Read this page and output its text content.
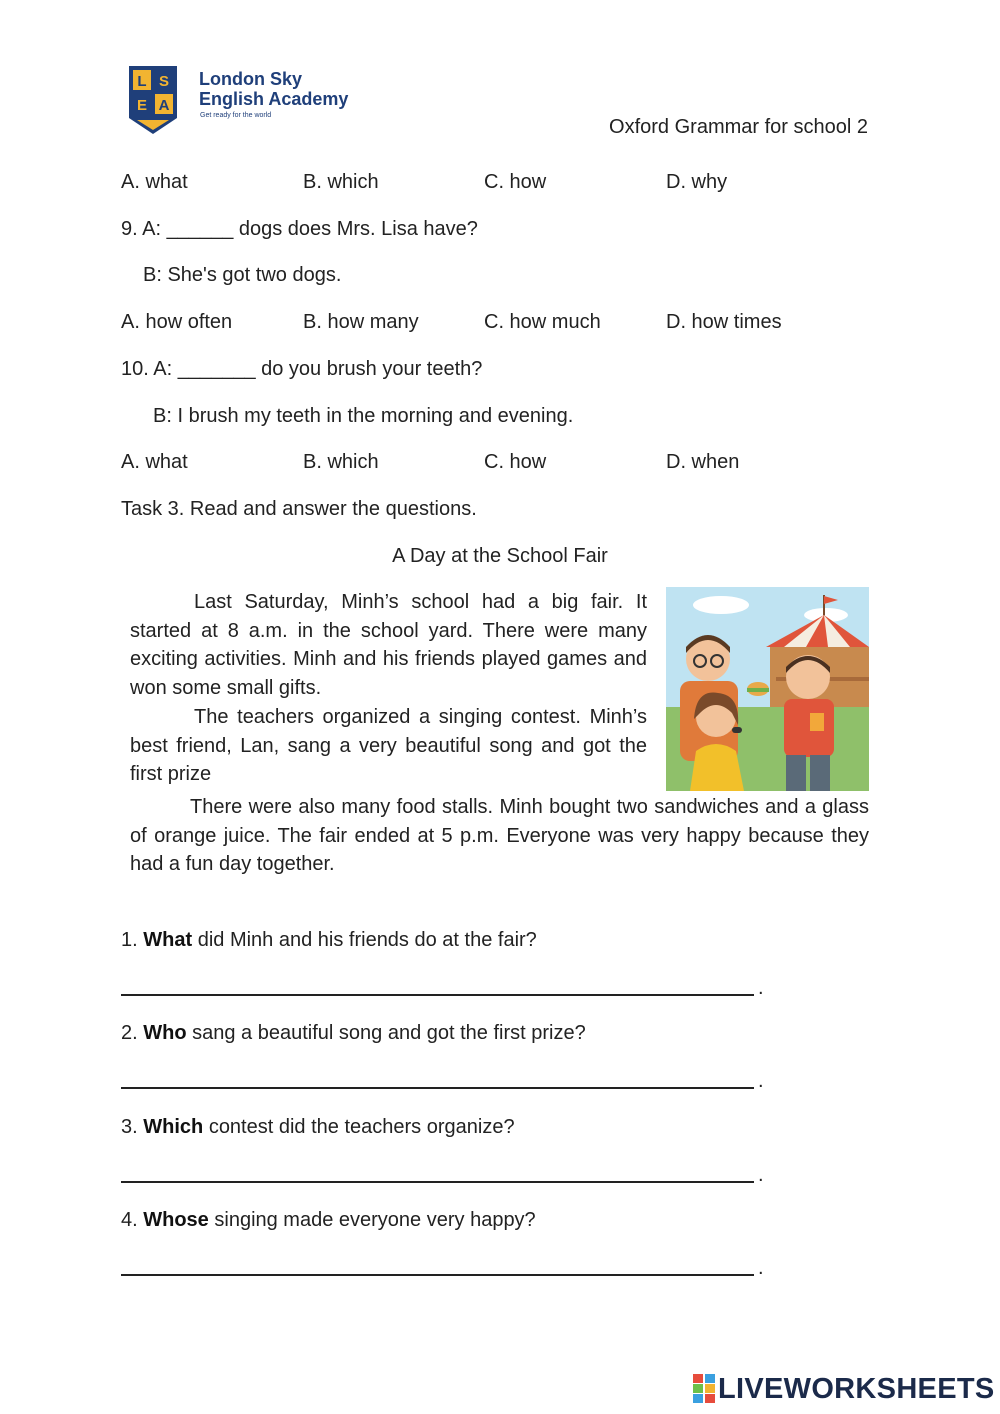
L S
E A
London Sky
English Academy
Get ready for the world
Oxford Grammar for school 2
A. what	B. which	C. how	D. why
9. A: ______ dogs does Mrs. Lisa have?
B: She's got two dogs.
A. how often	B. how many	C. how much	D. how times
10. A: _______ do you brush your teeth?
B: I brush my teeth in the morning and evening.
A. what	B. which	C. how	D. when
Task 3. Read and answer the questions.
A Day at the School Fair
Last Saturday, Minh’s school had a big fair. It started at 8 a.m. in the school yard. There were many exciting activities. Minh and his friends played games and won some small gifts.
The teachers organized a singing contest. Minh’s best friend, Lan, sang a very beautiful song and got the first prize
There were also many food stalls. Minh bought two sandwiches and a glass of orange juice. The fair ended at 5 p.m. Everyone was very happy because they had a fun day together.
1. What did Minh and his friends do at the fair?
.
2. Who sang a beautiful song and got the first prize?
.
3. Which contest did the teachers organize?
.
4. Whose singing made everyone very happy?
.
LIVEWORKSHEETS
